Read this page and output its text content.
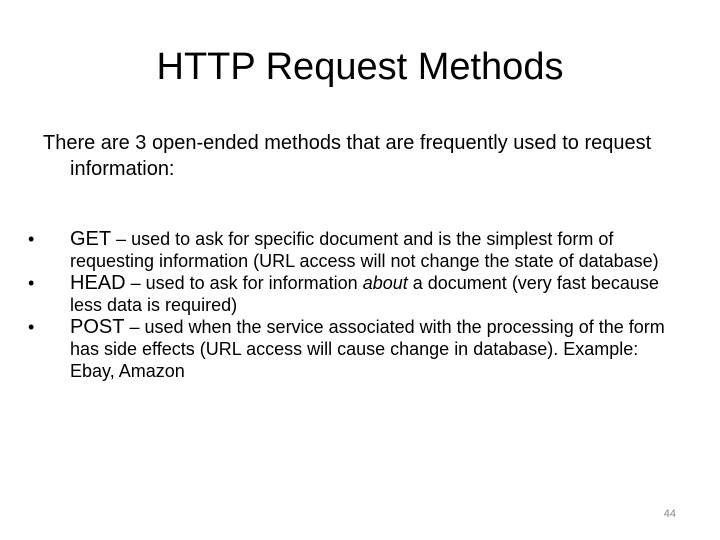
HTTP Request Methods
There are 3 open-ended methods that are frequently used to request information:
• GET – used to ask for specific document and is the simplest form of requesting information (URL access will not change the state of database)
• HEAD – used to ask for information about a document (very fast because less data is required)
• POST – used when the service associated with the processing of the form has side effects (URL access will cause change in database). Example: Ebay, Amazon
44
